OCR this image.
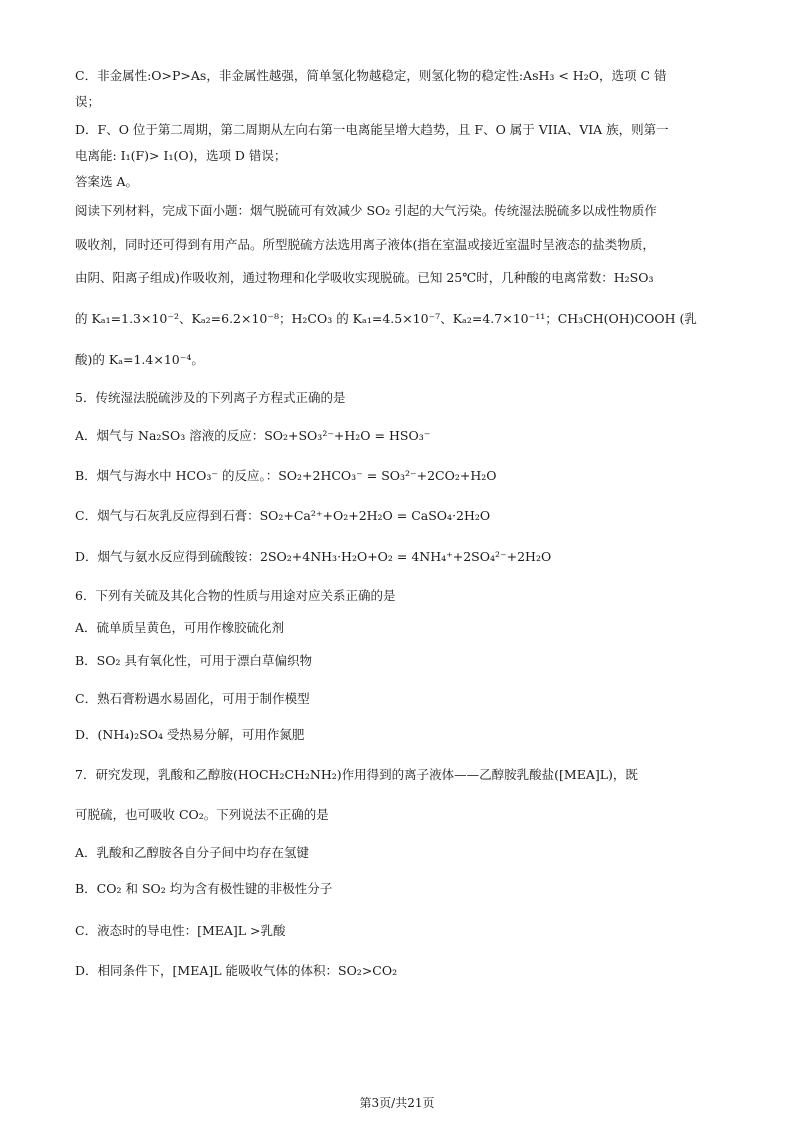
C．非金属性:O>P>As，非金属性越强，简单氢化物越稳定，则氢化物的稳定性:AsH₃ < H₂O，选项 C 错
误；
D．F、O 位于第二周期，第二周期从左向右第一电离能呈增大趋势，且 F、O 属于 VIIA、VIA 族，则第一
电离能: I₁(F)> I₁(O)，选项 D 错误；
答案选 A。
阅读下列材料，完成下面小题：烟气脱硫可有效减少 SO₂ 引起的大气污染。传统湿法脱硫多以成性物质作
吸收剂，同时还可得到有用产品。所型脱硫方法选用离子液体(指在室温或接近室温时呈液态的盐类物质，
由阴、阳离子组成)作吸收剂，通过物理和化学吸收实现脱硫。已知 25℃时，几种酸的电离常数：H₂SO₃
的 Kₐ₁=1.3×10⁻²、Kₐ₂=6.2×10⁻⁸；H₂CO₃ 的 Kₐ₁=4.5×10⁻⁷、Kₐ₂=4.7×10⁻¹¹；CH₃CH(OH)COOH (乳
酸)的 Kₐ=1.4×10⁻⁴。
5．传统湿法脱硫涉及的下列离子方程式正确的是
A．烟气与 Na₂SO₃ 溶液的反应：SO₂+SO₃²⁻+H₂O = HSO₃⁻
B．烟气与海水中 HCO₃⁻ 的反应。：SO₂+2HCO₃⁻ = SO₃²⁻+2CO₂+H₂O
C．烟气与石灰乳反应得到石膏：SO₂+Ca²⁺+O₂+2H₂O = CaSO₄·2H₂O
D．烟气与氨水反应得到硫酸铵：2SO₂+4NH₃·H₂O+O₂ = 4NH₄⁺+2SO₄²⁻+2H₂O
6．下列有关硫及其化合物的性质与用途对应关系正确的是
A．硫单质呈黄色，可用作橡胶硫化剂
B．SO₂ 具有氧化性，可用于漂白草偏织物
C．熟石膏粉遇水易固化，可用于制作模型
D．(NH₄)₂SO₄ 受热易分解，可用作氮肥
7．研究发现，乳酸和乙醇胺(HOCH₂CH₂NH₂)作用得到的离子液体——乙醇胺乳酸盐([MEA]L)，既
可脱硫，也可吸收 CO₂。下列说法不正确的是
A．乳酸和乙醇胺各自分子间中均存在氢键
B．CO₂ 和 SO₂ 均为含有极性键的非极性分子
C．液态时的导电性：[MEA]L >乳酸
D．相同条件下，[MEA]L 能吸收气体的体积：SO₂>CO₂
第3页/共21页
